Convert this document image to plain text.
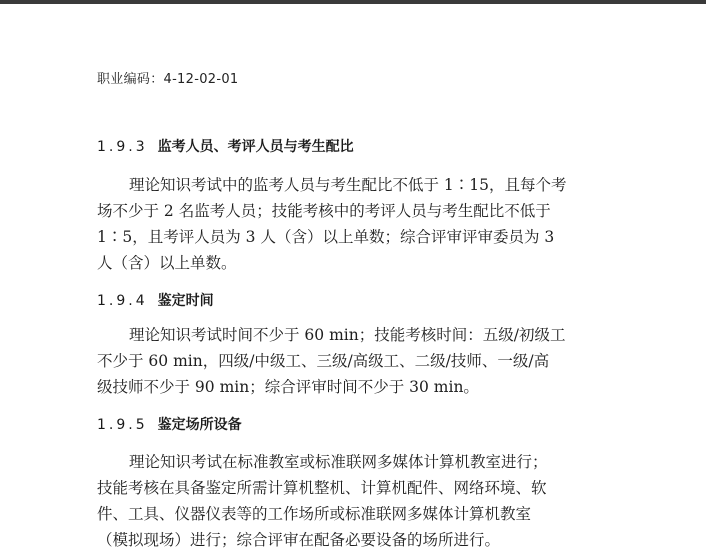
职业编码：4-12-02-01
1.9.3 监考人员、考评人员与考生配比
理论知识考试中的监考人员与考生配比不低于 1∶15，且每个考
场不少于 2 名监考人员；技能考核中的考评人员与考生配比不低于
1∶5，且考评人员为 3 人（含）以上单数；综合评审评审委员为 3
人（含）以上单数。
1.9.4 鉴定时间
理论知识考试时间不少于 60 min；技能考核时间：五级/初级工
不少于 60 min，四级/中级工、三级/高级工、二级/技师、一级/高
级技师不少于 90 min；综合评审时间不少于 30 min。
1.9.5 鉴定场所设备
理论知识考试在标准教室或标准联网多媒体计算机教室进行；
技能考核在具备鉴定所需计算机整机、计算机配件、网络环境、软
件、工具、仪器仪表等的工作场所或标准联网多媒体计算机教室
（模拟现场）进行；综合评审在配备必要设备的场所进行。
